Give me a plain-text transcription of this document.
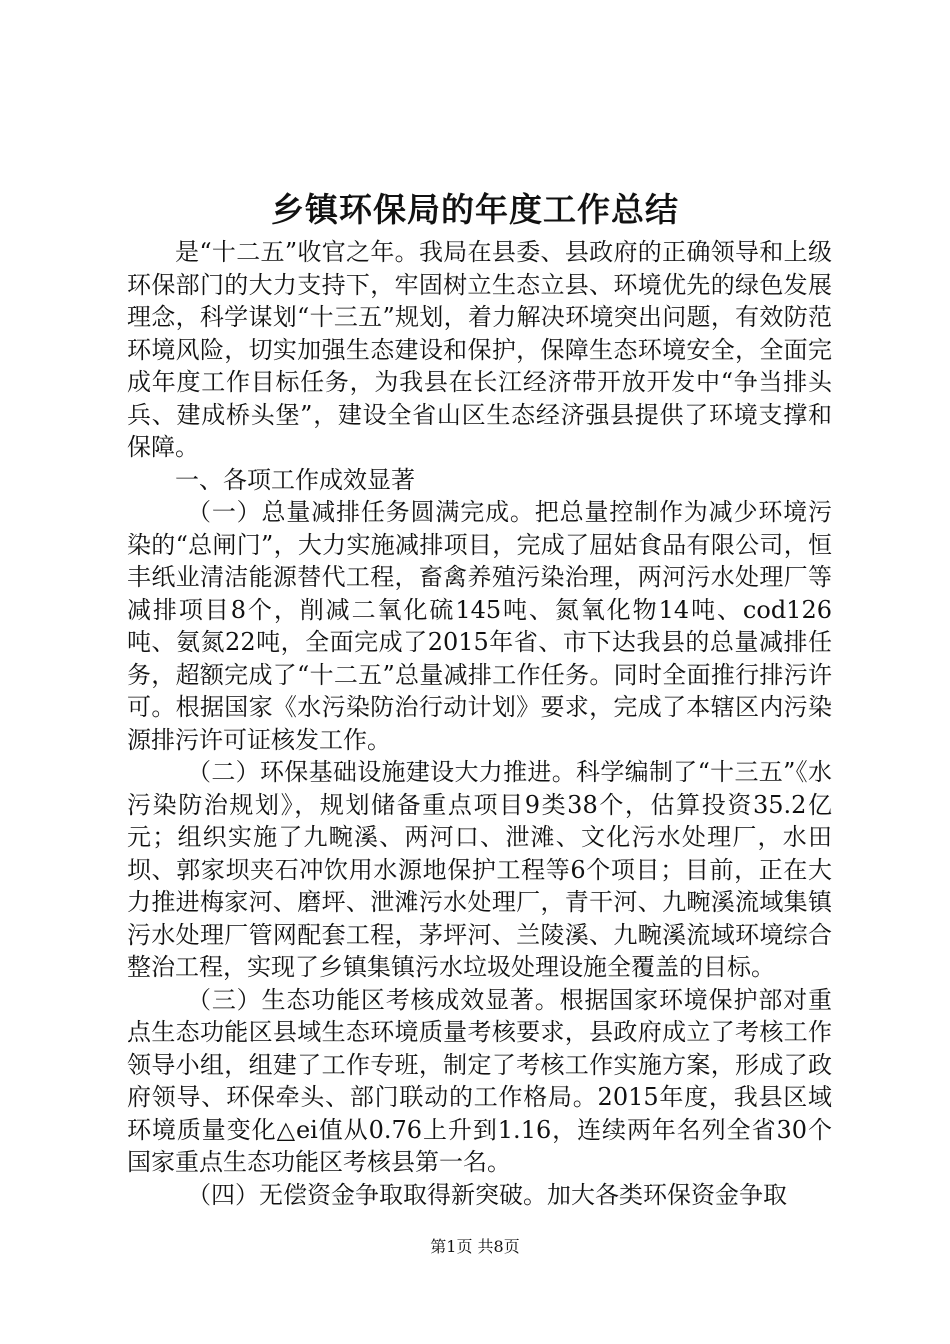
乡镇环保局的年度工作总结

是“十二五”收官之年。我局在县委、县政府的正确领导和上级环保部门的大力支持下，牢固树立生态立县、环境优先的绿色发展理念，科学谋划“十三五”规划，着力解决环境突出问题，有效防范环境风险，切实加强生态建设和保护，保障生态环境安全，全面完成年度工作目标任务，为我县在长江经济带开放开发中“争当排头兵、建成桥头堡”，建设全省山区生态经济强县提供了环境支撑和保障。

一、各项工作成效显著

（一）总量减排任务圆满完成。把总量控制作为减少环境污染的“总闸门”，大力实施减排项目，完成了屈姑食品有限公司，恒丰纸业清洁能源替代工程，畜禽养殖污染治理，两河污水处理厂等减排项目8个，削减二氧化硫145吨、氮氧化物14吨、cod126吨、氨氮22吨，全面完成了2015年省、市下达我县的总量减排任务，超额完成了“十二五”总量减排工作任务。同时全面推行排污许可。根据国家《水污染防治行动计划》要求，完成了本辖区内污染源排污许可证核发工作。

（二）环保基础设施建设大力推进。科学编制了“十三五”《水污染防治规划》，规划储备重点项目9类38个，估算投资35.2亿元；组织实施了九畹溪、两河口、泄滩、文化污水处理厂，水田坝、郭家坝夹石冲饮用水源地保护工程等6个项目；目前，正在大力推进梅家河、磨坪、泄滩污水处理厂，青干河、九畹溪流域集镇污水处理厂管网配套工程，茅坪河、兰陵溪、九畹溪流域环境综合整治工程，实现了乡镇集镇污水垃圾处理设施全覆盖的目标。

（三）生态功能区考核成效显著。根据国家环境保护部对重点生态功能区县域生态环境质量考核要求，县政府成立了考核工作领导小组，组建了工作专班，制定了考核工作实施方案，形成了政府领导、环保牵头、部门联动的工作格局。2015年度，我县区域环境质量变化△ei值从0.76上升到1.16，连续两年名列全省30个国家重点生态功能区考核县第一名。

（四）无偿资金争取取得新突破。加大各类环保资金争取

第1页 共8页
